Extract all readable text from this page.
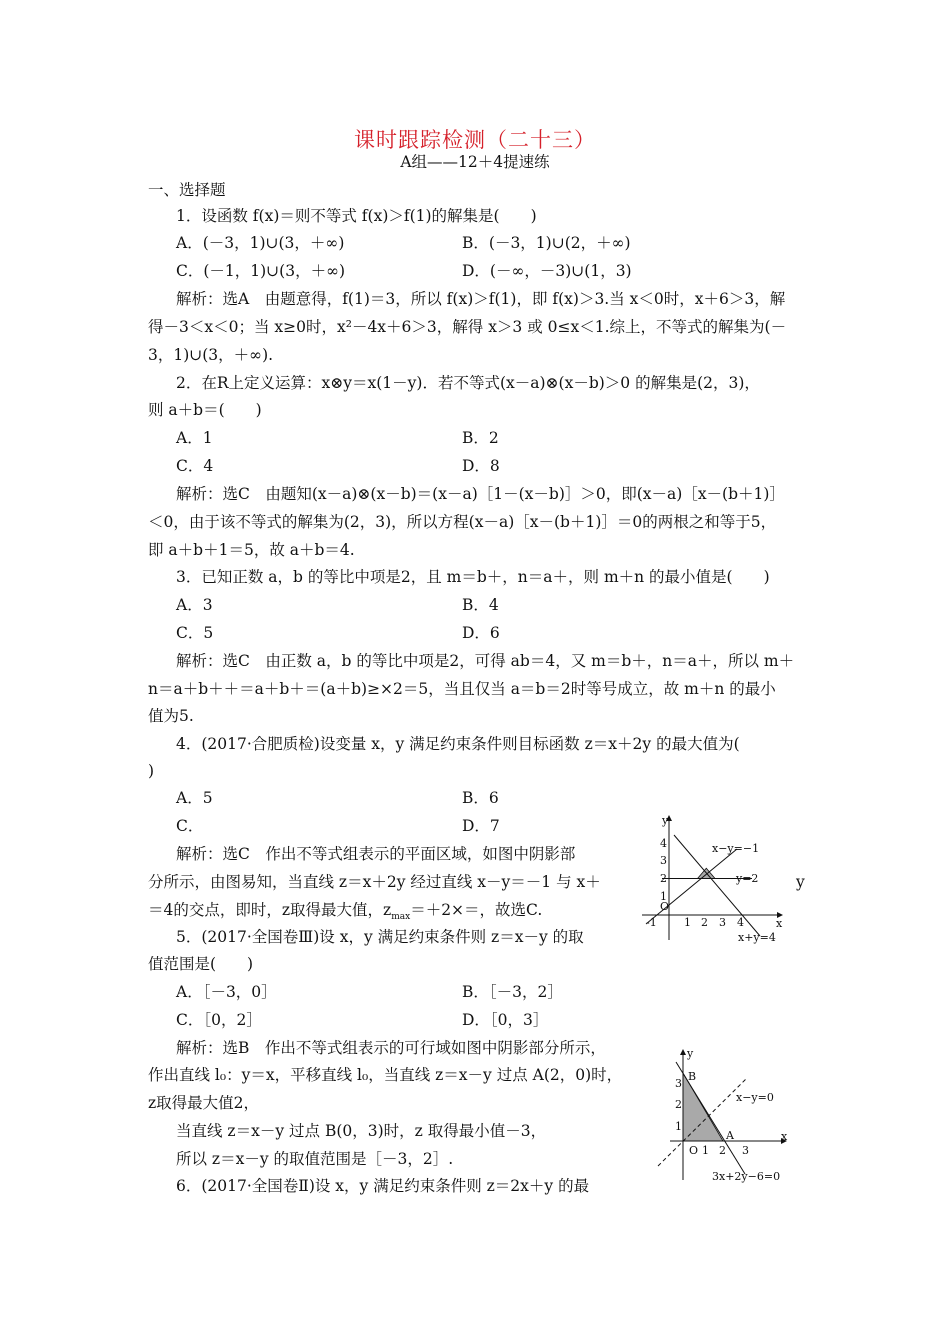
课时跟踪检测（二十三）
A组——12＋4提速练
一、选择题
1．设函数 f(x)＝则不等式 f(x)＞f(1)的解集是(　　)
A．(－3，1)∪(3，＋∞)	B．(－3，1)∪(2，＋∞)
C．(－1，1)∪(3，＋∞)	D．(－∞，－3)∪(1，3)
解析：选A　由题意得，f(1)＝3，所以 f(x)＞f(1)，即 f(x)＞3.当 x＜0时，x＋6＞3，解
得－3＜x＜0；当 x≥0时，x²－4x＋6＞3，解得 x＞3 或 0≤x＜1.综上，不等式的解集为(－
3，1)∪(3，＋∞).
2．在R上定义运算：x⊗y＝x(1－y)．若不等式(x－a)⊗(x－b)＞0 的解集是(2，3)，
则 a＋b＝(　　)
A．1	B．2
C．4	D．8
解析：选C　由题知(x－a)⊗(x－b)＝(x－a)［1－(x－b)］＞0，即(x－a)［x－(b＋1)］
＜0，由于该不等式的解集为(2，3)，所以方程(x－a)［x－(b＋1)］＝0的两根之和等于5，
即 a＋b＋1＝5，故 a＋b＝4.
3．已知正数 a，b 的等比中项是2，且 m＝b＋，n＝a＋，则 m＋n 的最小值是(　　)
A．3	B．4
C．5	D．6
解析：选C　由正数 a，b 的等比中项是2，可得 ab＝4，又 m＝b＋，n＝a＋，所以 m＋
n＝a＋b＋＋＝a＋b＋＝(a＋b)≥×2＝5，当且仅当 a＝b＝2时等号成立，故 m＋n 的最小
值为5.
4．(2017·合肥质检)设变量 x，y 满足约束条件则目标函数 z＝x＋2y 的最大值为(
)
A．5	B．6
C．	D．7
解析：选C　作出不等式组表示的平面区域，如图中阴影部
分所示，由图易知，当直线 z＝x＋2y 经过直线 x－y＝－1 与 x＋
＝4的交点，即时，z取得最大值，$z_{max}=+2\times=$，故选C.
y
O
x
y
-1 1 2 3 4
1
2
3
4	x−y=−1
y=2
x+y=4
5．(2017·全国卷Ⅲ)设 x，y 满足约束条件则 z＝x－y 的取
值范围是(　　)
A．［－3，0］	B．［－3，2］
C．［0，2］	D．［0，3］
解析：选B　作出不等式组表示的可行域如图中阴影部分所示，
作出直线 l₀：y＝x，平移直线 l₀，当直线 z＝x－y 过点 A(2，0)时，
z取得最大值2，
当直线 z＝x－y 过点 B(0，3)时，z 取得最小值－3，
所以 z＝x－y 的取值范围是［－3，2］.	O
x
y
B
A
1 2 3
1
2
3
x−y=0
3x+2y−6=0
6．(2017·全国卷Ⅱ)设 x，y 满足约束条件则 z＝2x＋y 的最
